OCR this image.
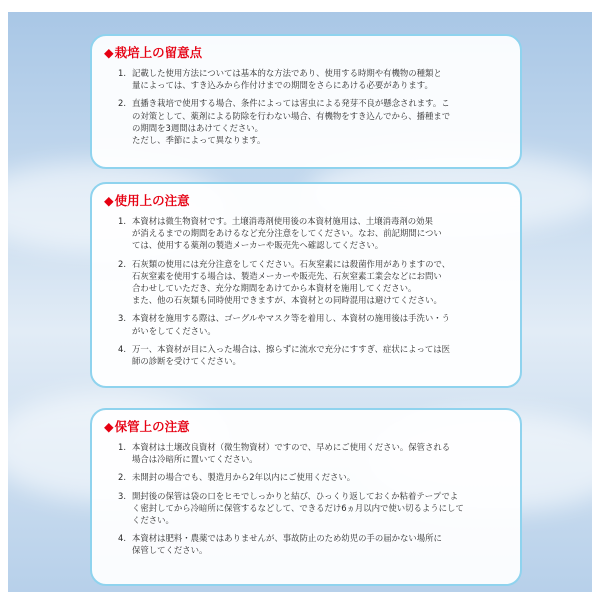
◆栽培上の留意点
1. 記載した使用方法については基本的な方法であり、使用する時期や有機物の種類と
量によっては、すき込みから作付けまでの期間をさらにあける必要があります。
2. 直播き栽培で使用する場合、条件によっては害虫による発芽不良が懸念されます。こ
の対策として、薬剤による防除を行わない場合、有機物をすき込んでから、播種まで
の期間を3週間はあけてください。
ただし、季節によって異なります。
◆使用上の注意
1. 本資材は微生物資材です。土壌消毒剤使用後の本資材施用は、土壌消毒剤の効果
が消えるまでの期間をあけるなど充分注意をしてください。なお、前記期間につい
ては、使用する薬剤の製造メーカーや販売先へ確認してください。
2. 石灰類の使用には充分注意をしてください。石灰窒素には殺菌作用がありますので、
石灰窒素を使用する場合は、製造メーカーや販売先、石灰窒素工業会などにお問い
合わせしていただき、充分な期間をあけてから本資材を施用してください。
また、他の石灰類も同時使用できますが、本資材との同時混用は避けてください。
3. 本資材を施用する際は、ゴーグルやマスク等を着用し、本資材の施用後は手洗い・う
がいをしてください。
4. 万一、本資材が目に入った場合は、擦らずに流水で充分にすすぎ、症状によっては医
師の診断を受けてください。
◆保管上の注意
1. 本資材は土壌改良資材（微生物資材）ですので、早めにご使用ください。保管される
場合は冷暗所に置いてください。
2. 未開封の場合でも、製造月から2年以内にご使用ください。
3. 開封後の保管は袋の口をヒモでしっかりと結び、ひっくり返しておくか粘着テープでよ
く密封してから冷暗所に保管するなどして、できるだけ6ヵ月以内で使い切るようにして
ください。
4. 本資材は肥料・農薬ではありませんが、事故防止のため幼児の手の届かない場所に
保管してください。
